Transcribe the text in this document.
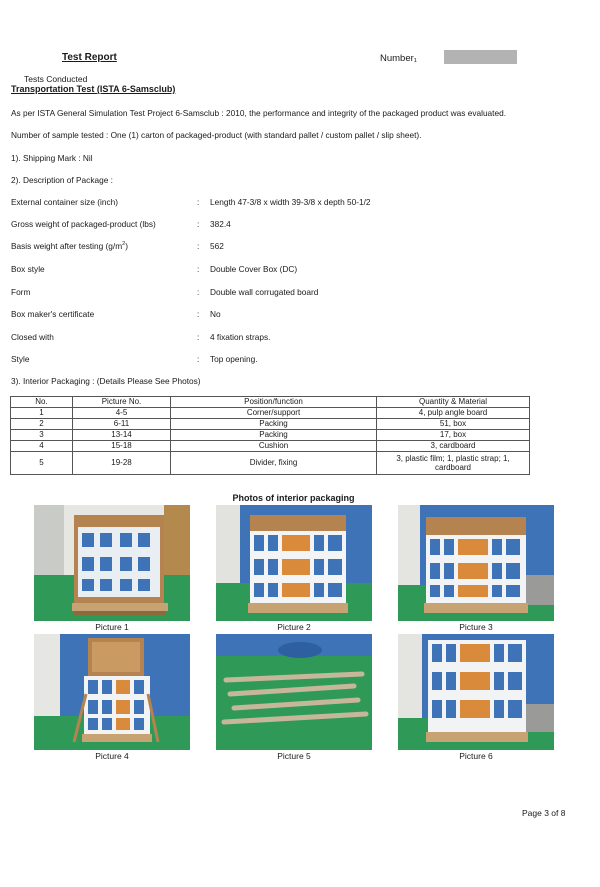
Test Report	Number₁
Tests Conducted
Transportation Test (ISTA 6-Samsclub)
As per ISTA General Simulation Test Project 6-Samsclub : 2010, the performance and integrity of the packaged product was evaluated.
Number of sample tested : One (1) carton of packaged-product (with standard pallet / custom pallet / slip sheet).
1). Shipping Mark : Nil
2). Description of Package :
External container size (inch)	: Length 47-3/8 x width 39-3/8 x depth 50-1/2
Gross weight of packaged-product (lbs)	: 382.4
Basis weight after testing $(g/m^2)$	: 562
Box style	: Double Cover Box (DC)
Form	: Double wall corrugated board
Box maker's certificate	: No
Closed with	: 4 fixation straps.
Style	: Top opening.
3). Interior Packaging : (Details Please See Photos)
No.	Picture No.	Position/function	Quantity & Material
1	4-5	Corner/support	4, pulp angle board
2	6-11	Packing	51, box
3	13-14	Packing	17, box
4	15-18	Cushion	3, cardboard
5	19-28	Divider, fixing	3, plastic film; 1, plastic strap; 1, cardboard
Photos of interior packaging
Picture 1	Picture 2	Picture 3
Picture 4	Picture 5	Picture 6
Page 3 of 8
